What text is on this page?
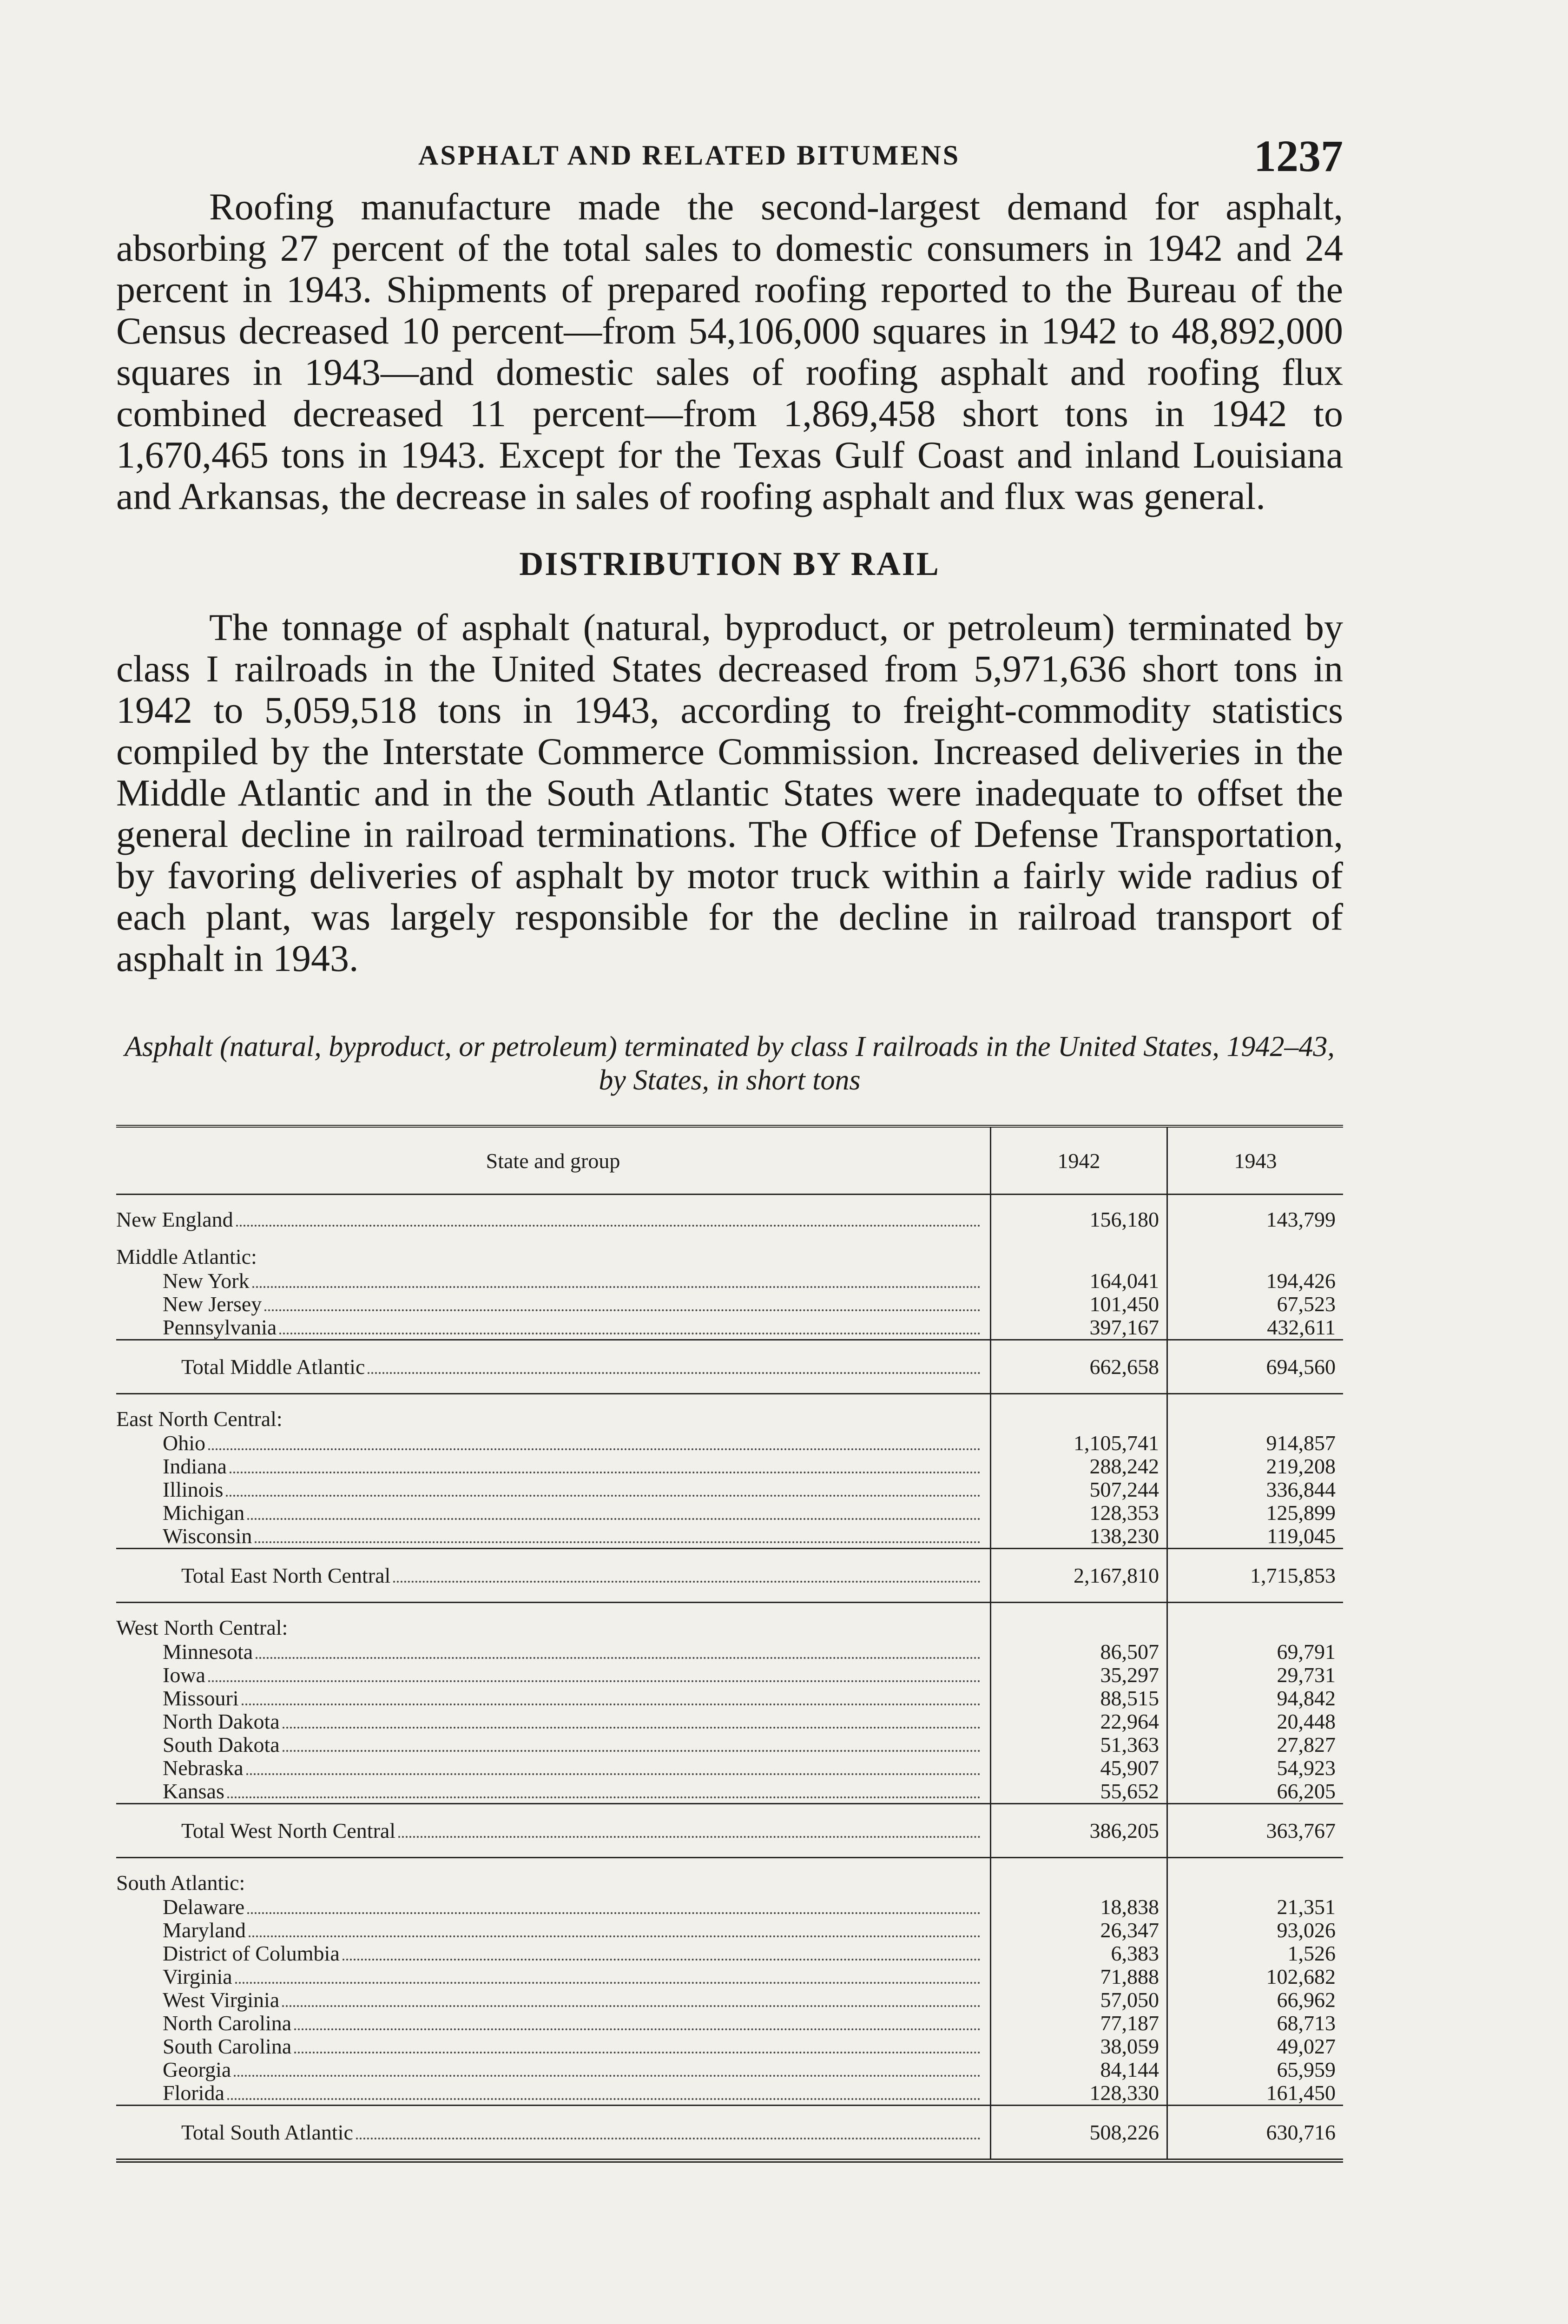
ASPHALT AND RELATED BITUMENS	1237

Roofing manufacture made the second-largest demand for asphalt, absorbing 27 percent of the total sales to domestic consumers in 1942 and 24 percent in 1943. Shipments of prepared roofing reported to the Bureau of the Census decreased 10 percent—from 54,106,000 squares in 1942 to 48,892,000 squares in 1943—and domestic sales of roofing asphalt and roofing flux combined decreased 11 percent—from 1,869,458 short tons in 1942 to 1,670,465 tons in 1943. Except for the Texas Gulf Coast and inland Louisiana and Arkansas, the decrease in sales of roofing asphalt and flux was general.

DISTRIBUTION BY RAIL

The tonnage of asphalt (natural, byproduct, or petroleum) terminated by class I railroads in the United States decreased from 5,971,636 short tons in 1942 to 5,059,518 tons in 1943, according to freight-commodity statistics compiled by the Interstate Commerce Commission. Increased deliveries in the Middle Atlantic and in the South Atlantic States were inadequate to offset the general decline in railroad terminations. The Office of Defense Transportation, by favoring deliveries of asphalt by motor truck within a fairly wide radius of each plant, was largely responsible for the decline in railroad transport of asphalt in 1943.

Asphalt (natural, byproduct, or petroleum) terminated by class I railroads in the United States, 1942–43, by States, in short tons
State and group	1942	1943

New England	156,180	143,799
Middle Atlantic:		

New York	164,041	194,426

New Jersey	101,450	67,523

Pennsylvania	397,167	432,611

Total Middle Atlantic	662,658	694,560
East North Central:		

Ohio	1,105,741	914,857

Indiana	288,242	219,208

Illinois	507,244	336,844

Michigan	128,353	125,899

Wisconsin	138,230	119,045

Total East North Central	2,167,810	1,715,853
West North Central:		

Minnesota	86,507	69,791

Iowa	35,297	29,731

Missouri	88,515	94,842

North Dakota	22,964	20,448

South Dakota	51,363	27,827

Nebraska	45,907	54,923

Kansas	55,652	66,205

Total West North Central	386,205	363,767
South Atlantic:		

Delaware	18,838	21,351

Maryland	26,347	93,026

District of Columbia	6,383	1,526

Virginia	71,888	102,682

West Virginia	57,050	66,962

North Carolina	77,187	68,713

South Carolina	38,059	49,027

Georgia	84,144	65,959

Florida	128,330	161,450

Total South Atlantic	508,226	630,716
